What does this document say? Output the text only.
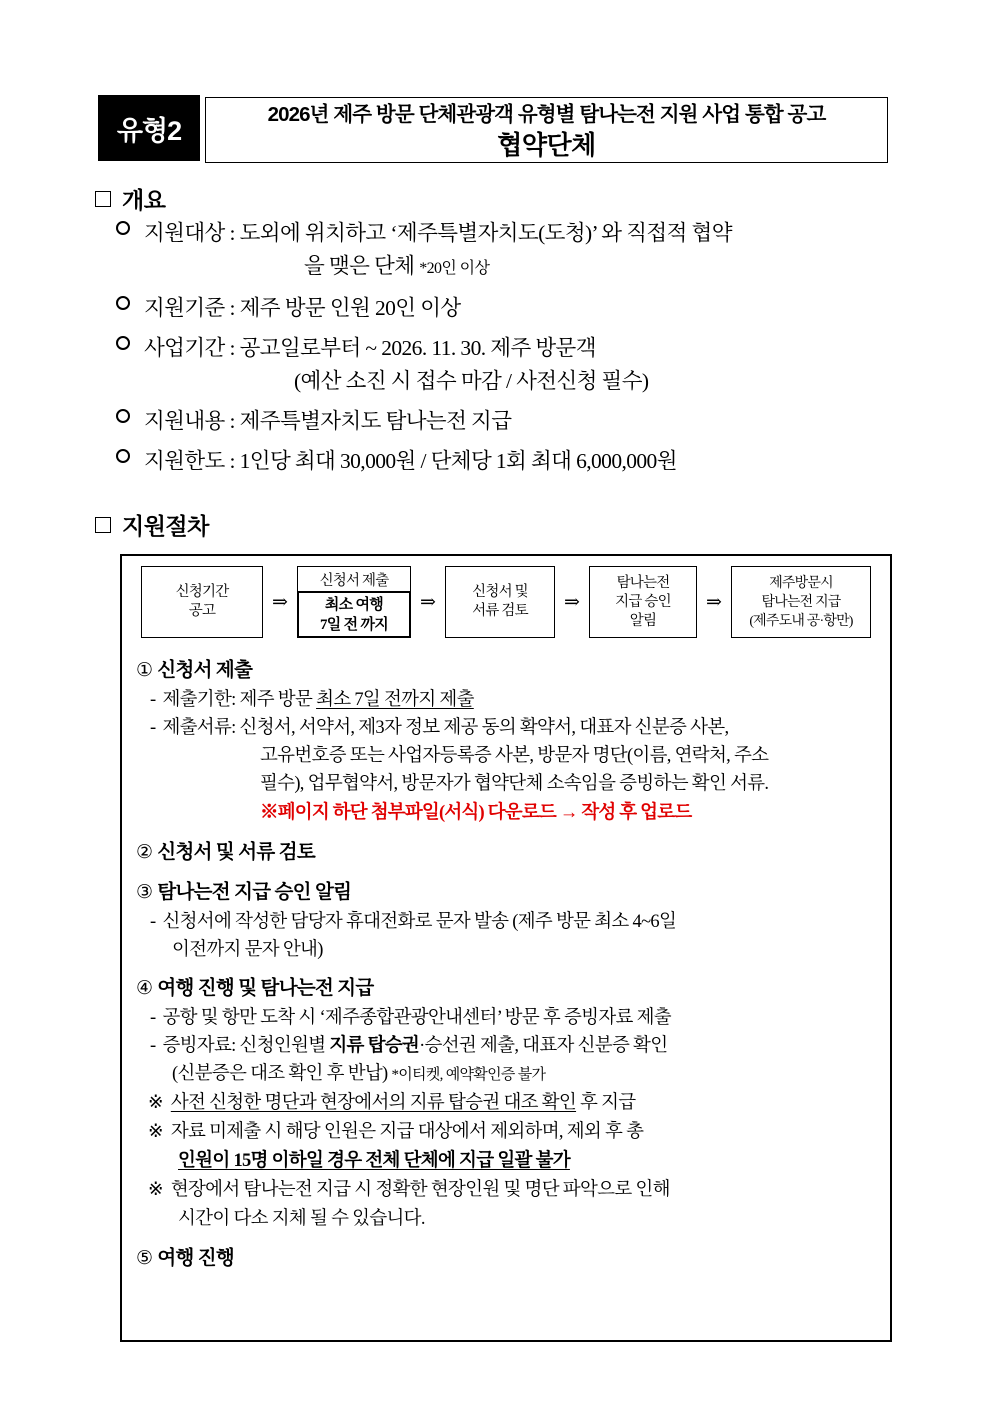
유형2
2026년 제주 방문 단체관광객 유형별 탐나는전 지원 사업 통합 공고
협약단체
개요
지원대상 : 도외에 위치하고 ‘제주특별자치도(도청)’ 와 직접적 협약
을 맺은 단체 *20인 이상
지원기준 : 제주 방문 인원 20인 이상
사업기간 : 공고일로부터 ~ 2026. 11. 30. 제주 방문객
(예산 소진 시 접수 마감 / 사전신청 필수)
지원내용 : 제주특별자치도 탐나는전 지급
지원한도 : 1인당 최대 30,000원 / 단체당 1회 최대 6,000,000원
지원절차
신청기간
공고	⇒
신청서 제출
최소 여행
7일 전 까지
⇒	신청서 및
서류 검토	⇒
탐나는전
지급 승인
알림
⇒
제주방문시
탐나는전 지급
(제주도내 공·항만)
① 신청서 제출
- 제출기한: 제주 방문 최소 7일 전까지 제출
- 제출서류: 신청서, 서약서, 제3자 정보 제공 동의 확약서, 대표자 신분증 사본,
고유번호증 또는 사업자등록증 사본, 방문자 명단(이름, 연락처, 주소
필수), 업무협약서, 방문자가 협약단체 소속임을 증빙하는 확인 서류.
※페이지 하단 첨부파일(서식) 다운로드 → 작성 후 업로드
② 신청서 및 서류 검토
③ 탐나는전 지급 승인 알림
- 신청서에 작성한 담당자 휴대전화로 문자 발송 (제주 방문 최소 4~6일
이전까지 문자 안내)
④ 여행 진행 및 탐나는전 지급
- 공항 및 항만 도착 시 ‘제주종합관광안내센터’ 방문 후 증빙자료 제출
- 증빙자료: 신청인원별 지류 탑승권·승선권 제출, 대표자 신분증 확인
(신분증은 대조 확인 후 반납) *이티켓, 예약확인증 불가
※ 사전 신청한 명단과 현장에서의 지류 탑승권 대조 확인 후 지급
※ 자료 미제출 시 해당 인원은 지급 대상에서 제외하며, 제외 후 총
인원이 15명 이하일 경우 전체 단체에 지급 일괄 불가
※ 현장에서 탐나는전 지급 시 정확한 현장인원 및 명단 파악으로 인해
시간이 다소 지체 될 수 있습니다.
⑤ 여행 진행
